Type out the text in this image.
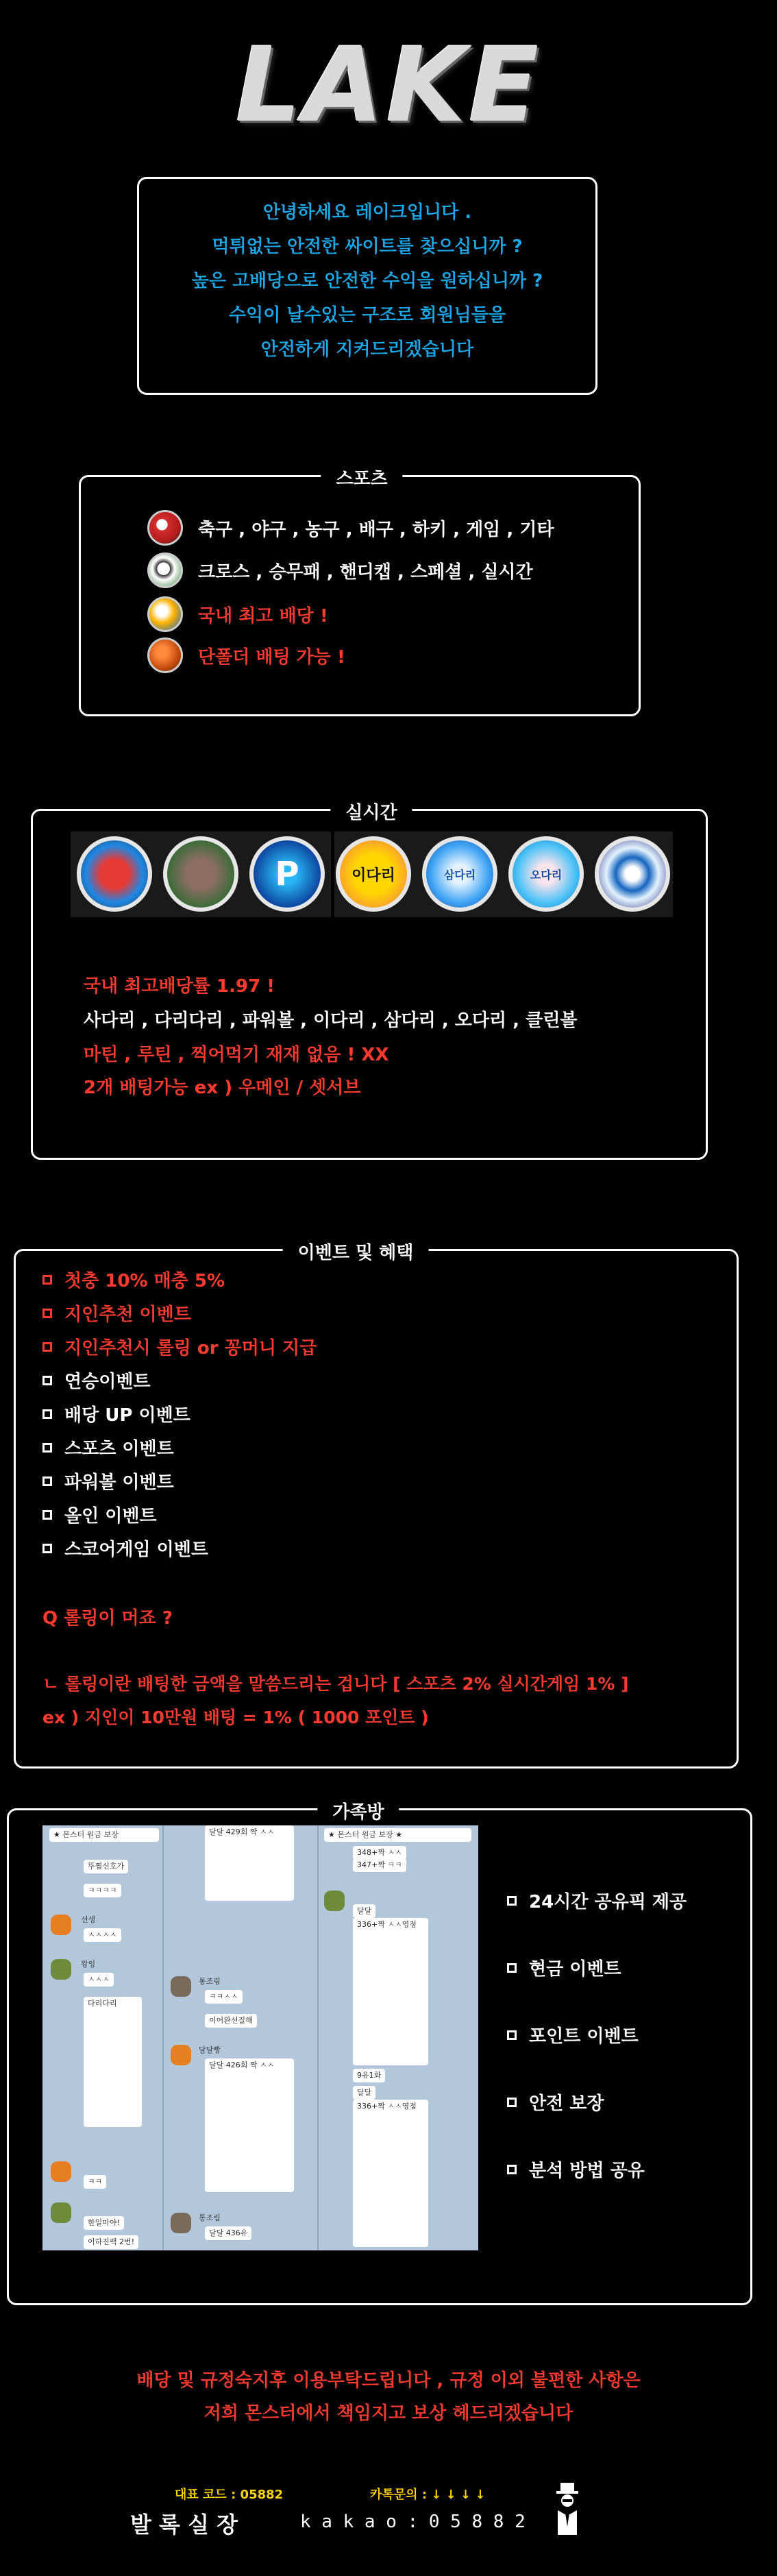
LAKE
안녕하세요 레이크입니다 .
먹튀없는 안전한 싸이트를 찾으십니까 ?
높은 고배당으로 안전한 수익을 원하십니까 ?
수익이 날수있는 구조로 회원님들을
안전하게 지켜드리겠습니다
스포츠
축구 , 야구 , 농구 , 배구 , 하키 , 게임 , 기타
크로스 , 승무패 , 핸디캡 , 스페셜 , 실시간
국내 최고 배당 !
단폴더 배팅 가능 !
실시간
P	이다리	삼다리	오다리
국내 최고배당률 1.97 !
사다리 , 다리다리 , 파워볼 , 이다리 , 삼다리 , 오다리 , 클린볼
마틴 , 루틴 , 찍어먹기 재재 없음 ! XX
2개 배팅가능 ex ) 우메인 / 셋서브
이벤트 및 혜택
첫충 10% 매충 5%
지인추천 이벤트
지인추천시 롤링 or 꽁머니 지급
연승이벤트
배당 UP 이벤트
스포츠 이벤트
파워볼 이벤트
올인 이벤트
스코어게임 이벤트
Q 롤링이 머죠 ?
ㄴ 롤링이란 배팅한 금액을 말씀드리는 겁니다 [ 스포츠 2% 실시간게임 1% ]
ex ) 지인이 10만원 배팅 = 1% ( 1000 포인트 )
가족방
★ 몬스터 원금 보장
뚜찜신호가
ㅋㅋㅋㅋ
선생
ㅅㅅㅅㅅ
왕잉
ㅅㅅㅅ
다리다리
ㅋㅋ
한일마야!
이하진팩 2번!
달달 429회 짝 ㅅㅅ
통조림
ㅋㅋㅅㅅ
이어완선질해
달달빵
달달 426회 짝 ㅅㅅ
통조림
달달 436유
★ 몬스터 원금 보장 ★
348+짝 ㅅㅅ
347+짝 ㅋㅋ
달달
336+짝 ㅅㅅ영점
9유1화
달달
336+짝 ㅅㅅ영점
24시간 공유픽 제공
현금 이벤트
포인트 이벤트
안전 보장
분석 방법 공유
배당 및 규정숙지후 이용부탁드립니다 , 규정 이외 불편한 사항은
저희 몬스터에서 책임지고 보상 헤드리겠습니다
대표 코드 : 05882	카톡문의 : ↓ ↓ ↓ ↓
발 록 실 장	k a k a o : 0 5 8 8 2
